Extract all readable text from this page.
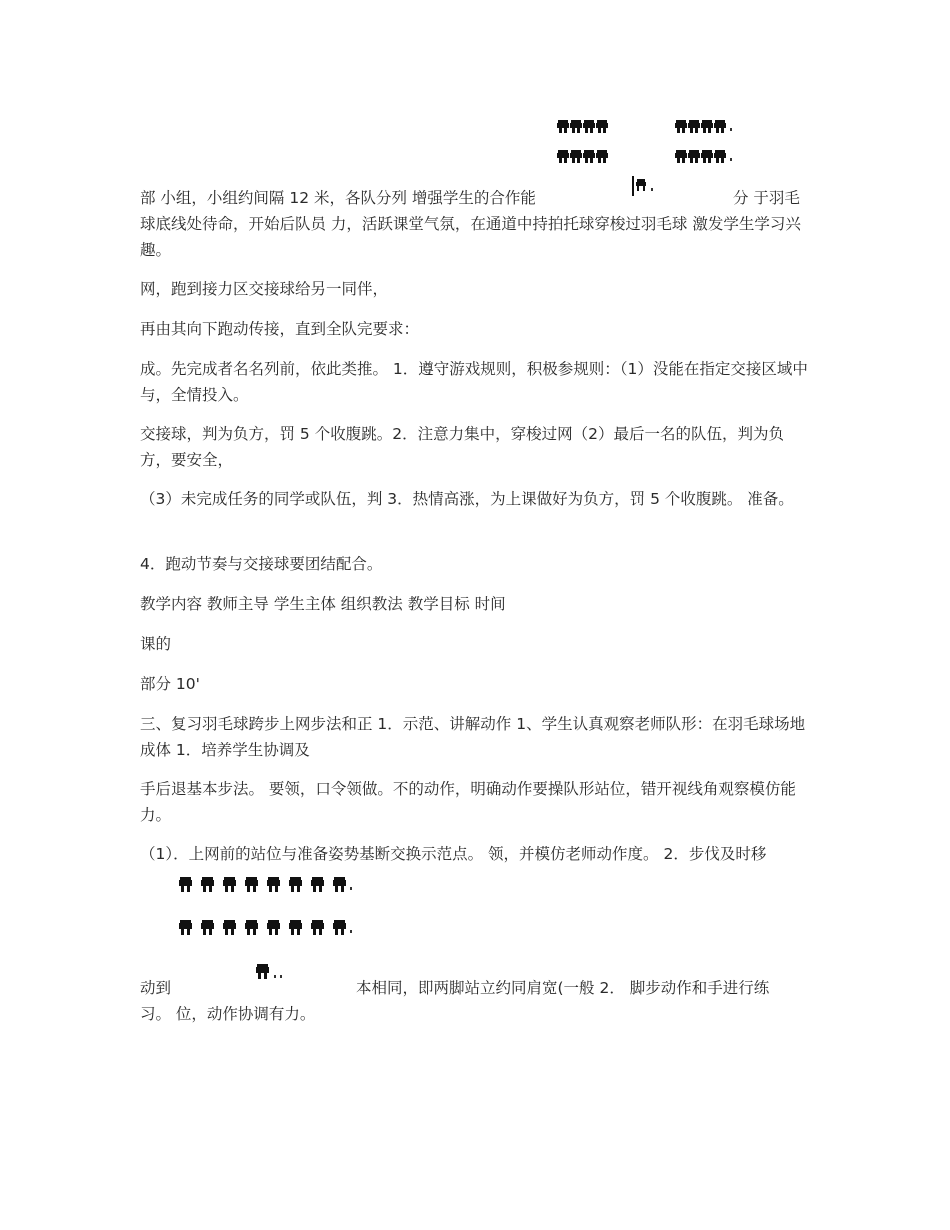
部 小组，小组约间隔 12 米，各队分列 增强学生的合作能	分 于羽毛

球底线处待命，开始后队员 力，活跃课堂气氛，在通道中持拍托球穿梭过羽毛球 激发学生学习兴趣。

网，跑到接力区交接球给另一同伴，

再由其向下跑动传接，直到全队完要求：

成。先完成者名名列前，依此类推。 1．遵守游戏规则，积极参规则：（1）没能在指定交接区域中与，全情投入。

交接球，判为负方，罚 5 个收腹跳。2．注意力集中，穿梭过网（2）最后一名的队伍，判为负方，要安全，

（3）未完成任务的同学或队伍，判 3．热情高涨，为上课做好为负方，罚 5 个收腹跳。 准备。

4．跑动节奏与交接球要团结配合。

教学内容 教师主导 学生主体 组织教法 教学目标 时间

课的

部分 10'

三、复习羽毛球跨步上网步法和正 1．示范、讲解动作 1、学生认真观察老师队形：在羽毛球场地成体 1．培养学生协调及

手后退基本步法。 要领，口令领做。不的动作，明确动作要操队形站位，错开视线角观察模仿能力。

（1）．上网前的站位与准备姿势基断交换示范点。 领，并模仿老师动作度。 2．步伐及时移

动到	本相同，即两脚站立约同肩宽(一般 2． 脚步动作和手进行练

习。 位，动作协调有力。
